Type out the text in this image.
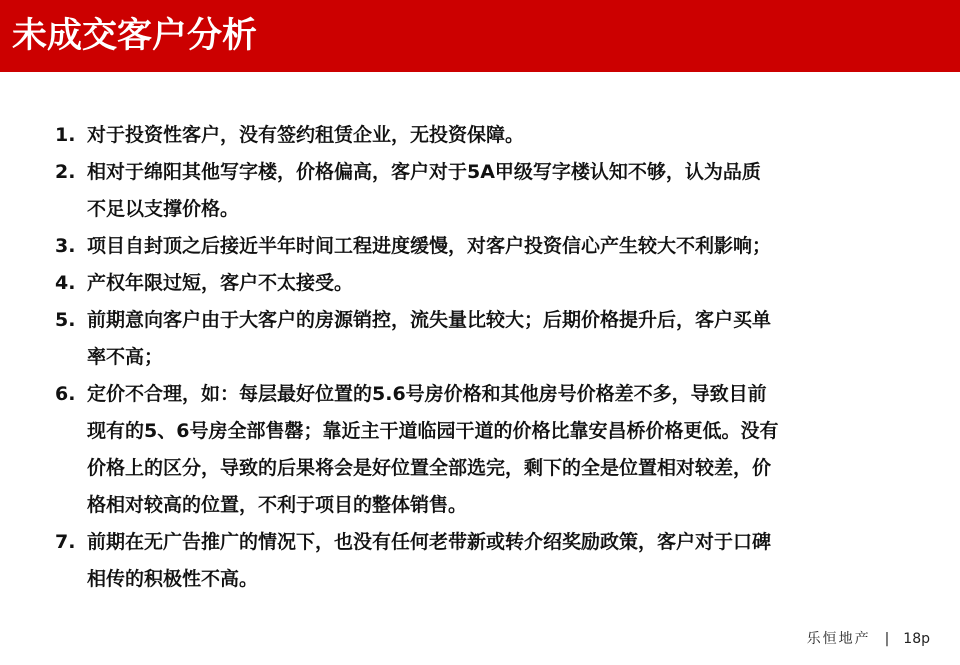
未成交客户分析
1. 对于投资性客户，没有签约租赁企业，无投资保障。
2. 相对于绵阳其他写字楼，价格偏高，客户对于5A甲级写字楼认知不够，认为品质
不足以支撑价格。
3. 项目自封顶之后接近半年时间工程进度缓慢，对客户投资信心产生较大不利影响；
4. 产权年限过短，客户不太接受。
5. 前期意向客户由于大客户的房源销控，流失量比较大；后期价格提升后，客户买单
率不高；
6. 定价不合理，如：每层最好位置的5.6号房价格和其他房号价格差不多，导致目前
现有的5、6号房全部售罄；靠近主干道临园干道的价格比靠安昌桥价格更低。没有
价格上的区分，导致的后果将会是好位置全部选完，剩下的全是位置相对较差，价
格相对较高的位置，不利于项目的整体销售。
7. 前期在无广告推广的情况下，也没有任何老带新或转介绍奖励政策，客户对于口碑
相传的积极性不高。
乐恒地产 | 18p
